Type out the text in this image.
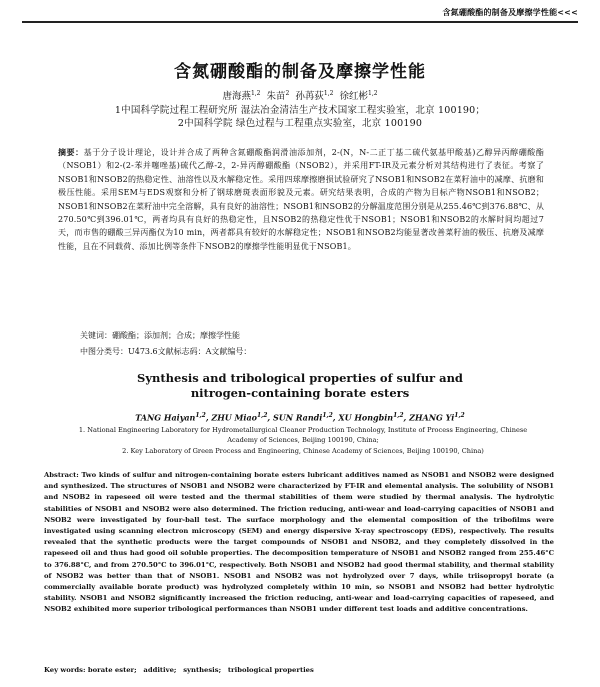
含氮硼酸酯的制备及摩擦学性能<<<
含氮硼酸酯的制备及摩擦学性能
唐海燕$^{1,2}$ 朱苗$^2$ 孙苒荻$^{1,2}$ 徐红彬$^{1,2}$
1中国科学院过程工程研究所 湿法冶金清洁生产技术国家工程实验室，北京 100190；
2中国科学院 绿色过程与工程重点实验室，北京 100190
摘要：基于分子设计理论，设计并合成了两种含氮硼酸酯润滑油添加剂，2-(N，N-二正丁基二硫代氨基甲酸基)乙醇异丙醇硼酸酯（NSOB1）和2-(2-苯并噻唑基)硫代乙醇-2，2-异丙醇硼酸酯（NSOB2），并采用FT-IR及元素分析对其结构进行了表征。考察了NSOB1和NSOB2的热稳定性、油溶性以及水解稳定性。采用四球摩擦磨损试验研究了NSOB1和NSOB2在菜籽油中的减摩、抗磨和极压性能。采用SEM与EDS观察和分析了钢球磨斑表面形貌及元素。研究结果表明，合成的产物为目标产物NSOB1和NSOB2；NSOB1和NSOB2在菜籽油中完全溶解，具有良好的油溶性；NSOB1和NSOB2的分解温度范围分别是从255.46℃到376.88℃、从270.50℃到396.01℃，两者均具有良好的热稳定性，且NSOB2的热稳定性优于NSOB1；NSOB1和NSOB2的水解时间均超过7天，而市售的硼酸三异丙酯仅为10 min，两者都具有较好的水解稳定性；NSOB1和NSOB2均能显著改善菜籽油的极压、抗磨及减摩性能，且在不同载荷、添加比例等条件下NSOB2的摩擦学性能明显优于NSOB1。
关键词：硼酸酯；添加剂；合成；摩擦学性能
中图分类号：U473.6文献标志码：A文献编号：
Synthesis and tribological properties of sulfur and
nitrogen-containing borate esters
TANG Haiyan$^{1,2}$, ZHU Miao$^{1,2}$, SUN Randi$^{1,2}$, XU Hongbin$^{1,2}$, ZHANG Yi$^{1,2}$
1. National Engineering Laboratory for Hydrometallurgical Cleaner Production Technology, Institute of Process Engineering, Chinese Academy of Sciences, Beijing 100190, China;
2. Key Laboratory of Green Process and Engineering, Chinese Academy of Sciences, Beijing 100190, China)
Abstract: Two kinds of sulfur and nitrogen-containing borate esters lubricant additives named as NSOB1 and NSOB2 were designed and synthesized. The structures of NSOB1 and NSOB2 were characterized by FT-IR and elemental analysis. The solubility of NSOB1 and NSOB2 in rapeseed oil were tested and the thermal stabilities of them were studied by thermal analysis. The hydrolytic stabilities of NSOB1 and NSOB2 were also determined. The friction reducing, anti-wear and load-carrying capacities of NSOB1 and NSOB2 were investigated by four-ball test. The surface morphology and the elemental composition of the tribofilms were investigated using scanning electron microscopy (SEM) and energy dispersive X-ray spectroscopy (EDS), respectively. The results revealed that the synthetic products were the target compounds of NSOB1 and NSOB2, and they completely dissolved in the rapeseed oil and thus had good oil soluble properties. The decomposition temperature of NSOB1 and NSOB2 ranged from 255.46°C to 376.88°C, and from 270.50°C to 396.01°C, respectively. Both NSOB1 and NSOB2 had good thermal stability, and thermal stability of NSOB2 was better than that of NSOB1. NSOB1 and NSOB2 was not hydrolyzed over 7 days, while triisopropyl borate (a commercially available borate product) was hydrolyzed completely within 10 min, so NSOB1 and NSOB2 had better hydrolytic stability. NSOB1 and NSOB2 significantly increased the friction reducing, anti-wear and load-carrying capacities of rapeseed, and NSOB2 exhibited more superior tribological performances than NSOB1 under different test loads and additive concentrations.
Key words: borate ester;　additive;　synthesis;　tribological properties
